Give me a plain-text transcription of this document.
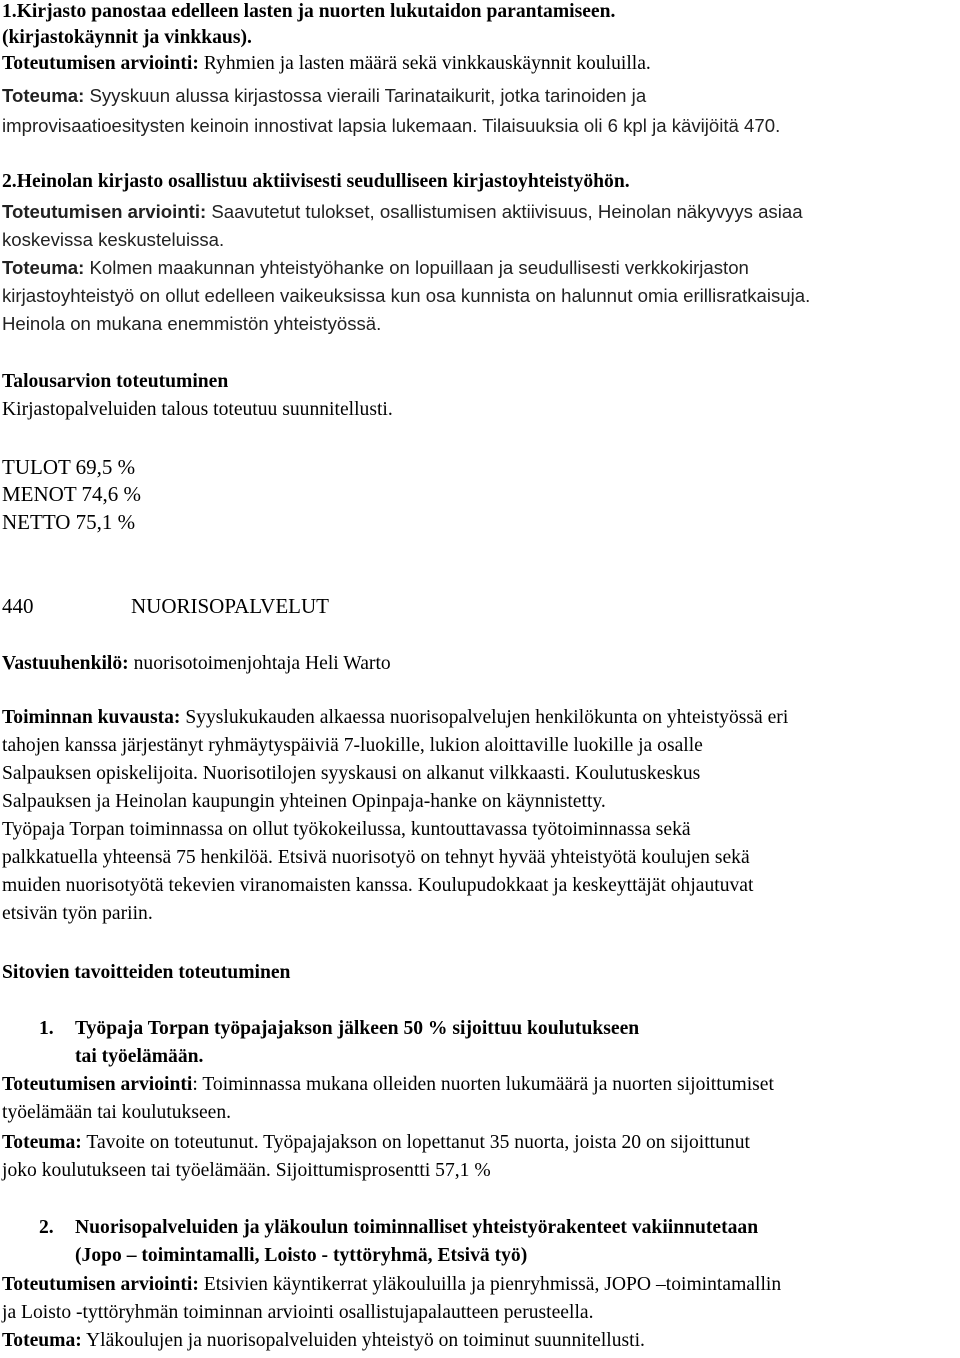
1.Kirjasto panostaa edelleen lasten ja nuorten lukutaidon parantamiseen.
(kirjastokäynnit ja vinkkaus).
Toteutumisen arviointi: Ryhmien ja lasten määrä sekä vinkkauskäynnit kouluilla.
Toteuma: Syyskuun alussa kirjastossa vieraili Tarinataikurit, jotka tarinoiden ja
improvisaatioesitysten keinoin innostivat lapsia lukemaan. Tilaisuuksia oli 6 kpl ja kävijöitä 470.
2.Heinolan kirjasto osallistuu aktiivisesti seudulliseen kirjastoyhteistyöhön.
Toteutumisen arviointi: Saavutetut tulokset, osallistumisen aktiivisuus, Heinolan näkyvyys asiaa
koskevissa keskusteluissa.
Toteuma: Kolmen maakunnan yhteistyöhanke on lopuillaan ja seudullisesti verkkokirjaston
kirjastoyhteistyö on ollut edelleen vaikeuksissa kun osa kunnista on halunnut omia erillisratkaisuja.
Heinola on mukana enemmistön yhteistyössä.
Talousarvion toteutuminen
Kirjastopalveluiden talous toteutuu suunnitellusti.
TULOT 69,5 %
MENOT 74,6 %
NETTO 75,1 %
440	NUORISOPALVELUT
Vastuuhenkilö: nuorisotoimenjohtaja Heli Warto
Toiminnan kuvausta: Syyslukukauden alkaessa nuorisopalvelujen henkilökunta on yhteistyössä eri
tahojen kanssa järjestänyt ryhmäytyspäiviä 7-luokille, lukion aloittaville luokille ja osalle
Salpauksen opiskelijoita. Nuorisotilojen syyskausi on alkanut vilkkaasti. Koulutuskeskus
Salpauksen ja Heinolan kaupungin yhteinen Opinpaja-hanke on käynnistetty.
Työpaja Torpan toiminnassa on ollut työkokeilussa, kuntouttavassa työtoiminnassa sekä
palkkatuella yhteensä 75 henkilöä. Etsivä nuorisotyö on tehnyt hyvää yhteistyötä koulujen sekä
muiden nuorisotyötä tekevien viranomaisten kanssa. Koulupudokkaat ja keskeyttäjät ohjautuvat
etsivän työn pariin.
Sitovien tavoitteiden toteutuminen
1. Työpaja Torpan työpajajakson jälkeen 50 % sijoittuu koulutukseen
tai työelämään.
Toteutumisen arviointi: Toiminnassa mukana olleiden nuorten lukumäärä ja nuorten sijoittumiset
työelämään tai koulutukseen.
Toteuma: Tavoite on toteutunut. Työpajajakson on lopettanut 35 nuorta, joista 20 on sijoittunut
joko koulutukseen tai työelämään. Sijoittumisprosentti 57,1 %
2. Nuorisopalveluiden ja yläkoulun toiminnalliset yhteistyörakenteet vakiinnutetaan
(Jopo – toimintamalli, Loisto - tyttöryhmä, Etsivä työ)
Toteutumisen arviointi: Etsivien käyntikerrat yläkouluilla ja pienryhmissä, JOPO –toimintamallin
ja Loisto -tyttöryhmän toiminnan arviointi osallistujapalautteen perusteella.
Toteuma: Yläkoulujen ja nuorisopalveluiden yhteistyö on toiminut suunnitellusti.
